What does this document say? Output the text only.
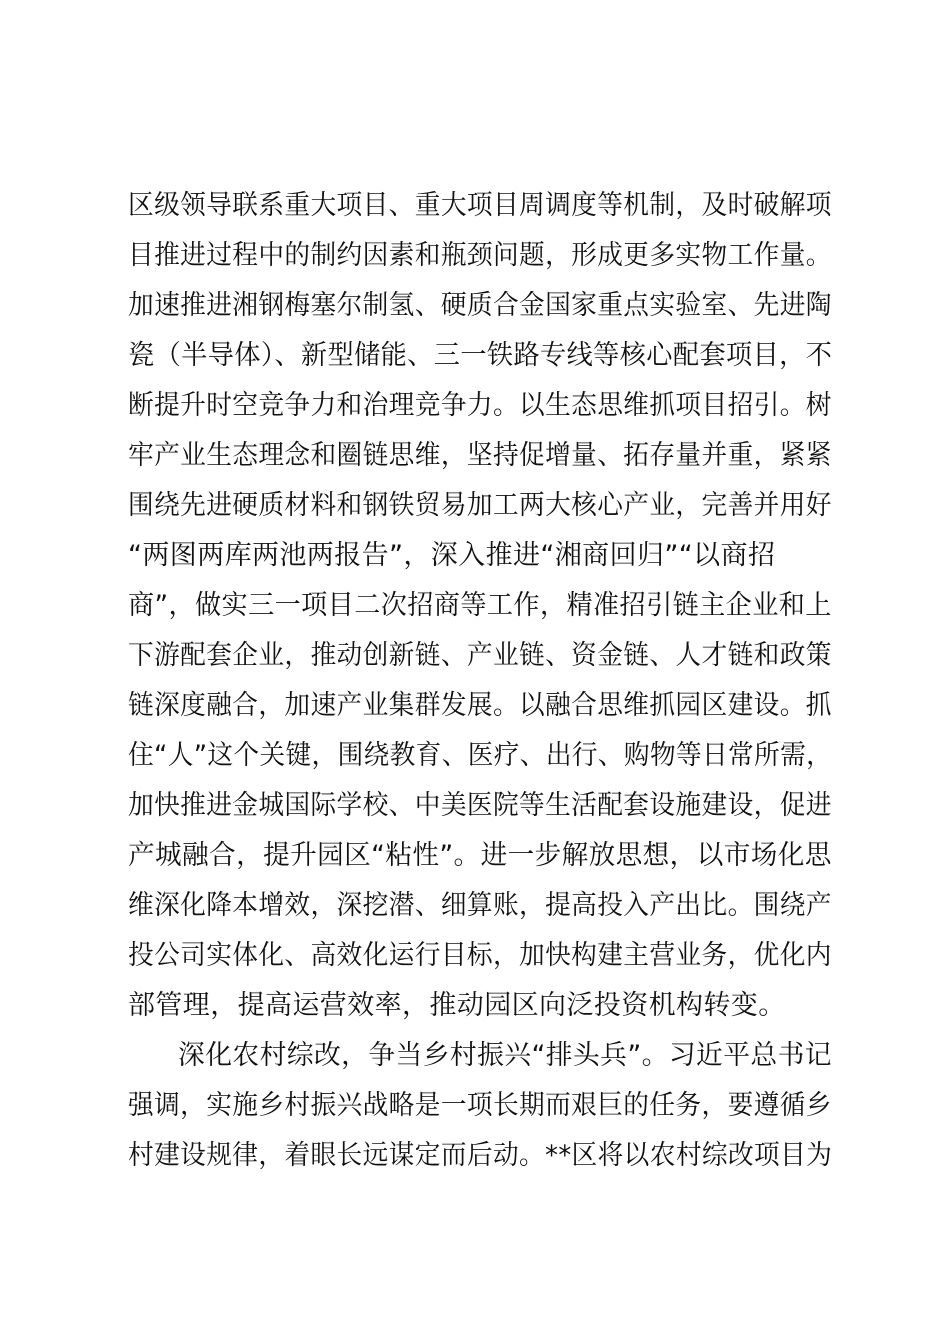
区级领导联系重大项目、重大项目周调度等机制，及时破解项
目推进过程中的制约因素和瓶颈问题，形成更多实物工作量。
加速推进湘钢梅塞尔制氢、硬质合金国家重点实验室、先进陶
瓷（半导体）、新型储能、三一铁路专线等核心配套项目，不
断提升时空竞争力和治理竞争力。以生态思维抓项目招引。树
牢产业生态理念和圈链思维，坚持促增量、拓存量并重，紧紧
围绕先进硬质材料和钢铁贸易加工两大核心产业，完善并用好
“两图两库两池两报告”，深入推进“湘商回归”“以商招
商”，做实三一项目二次招商等工作，精准招引链主企业和上
下游配套企业，推动创新链、产业链、资金链、人才链和政策
链深度融合，加速产业集群发展。以融合思维抓园区建设。抓
住“人”这个关键，围绕教育、医疗、出行、购物等日常所需，
加快推进金城国际学校、中美医院等生活配套设施建设，促进
产城融合，提升园区“粘性”。进一步解放思想，以市场化思
维深化降本增效，深挖潜、细算账，提高投入产出比。围绕产
投公司实体化、高效化运行目标，加快构建主营业务，优化内
部管理，提高运营效率，推动园区向泛投资机构转变。
深化农村综改，争当乡村振兴“排头兵”。习近平总书记
强调，实施乡村振兴战略是一项长期而艰巨的任务，要遵循乡
村建设规律，着眼长远谋定而后动。**区将以农村综改项目为
